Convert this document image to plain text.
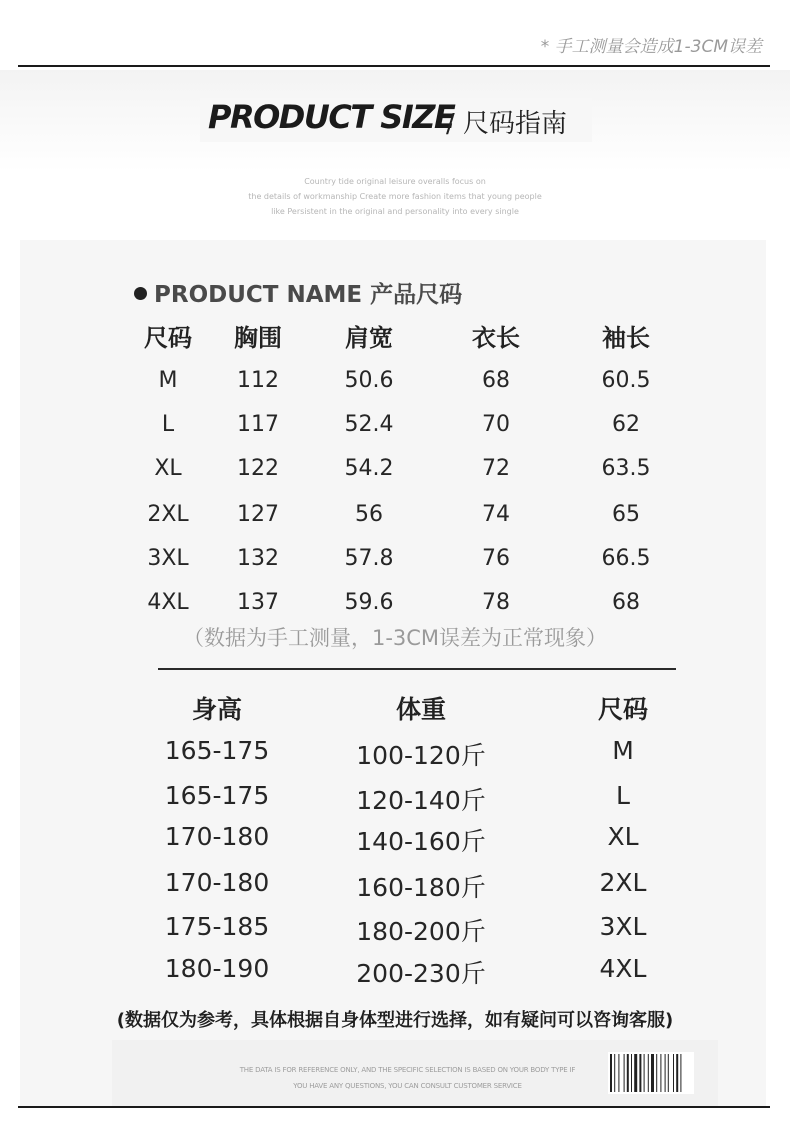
* 手工测量会造成1-3CM误差
PRODUCT SIZE
/ 尺码指南
Country tide original leisure overalls focus on
the details of workmanship Create more fashion items that young people
like Persistent in the original and personality into every single
PRODUCT NAME 产品尺码
尺码 胸围	肩宽	衣长	袖长
M	112	50.6	68	60.5
L	117	52.4	70	62
XL	122	54.2	72	63.5
2XL 127	56	74	65
3XL 132	57.8	76	66.5
4XL 137	59.6	78	68
（数据为手工测量，1-3CM误差为正常现象）
身高	体重	尺码
165-175	100-120斤	M
165-175	120-140斤	L
170-180	140-160斤	XL
170-180	160-180斤	2XL
175-185	180-200斤	3XL
180-190	200-230斤	4XL
(数据仅为参考，具体根据自身体型进行选择，如有疑问可以咨询客服)
THE DATA IS FOR REFERENCE ONLY, AND THE SPECIFIC SELECTION IS BASED ON YOUR BODY TYPE IF
YOU HAVE ANY QUESTIONS, YOU CAN CONSULT CUSTOMER SERVICE
